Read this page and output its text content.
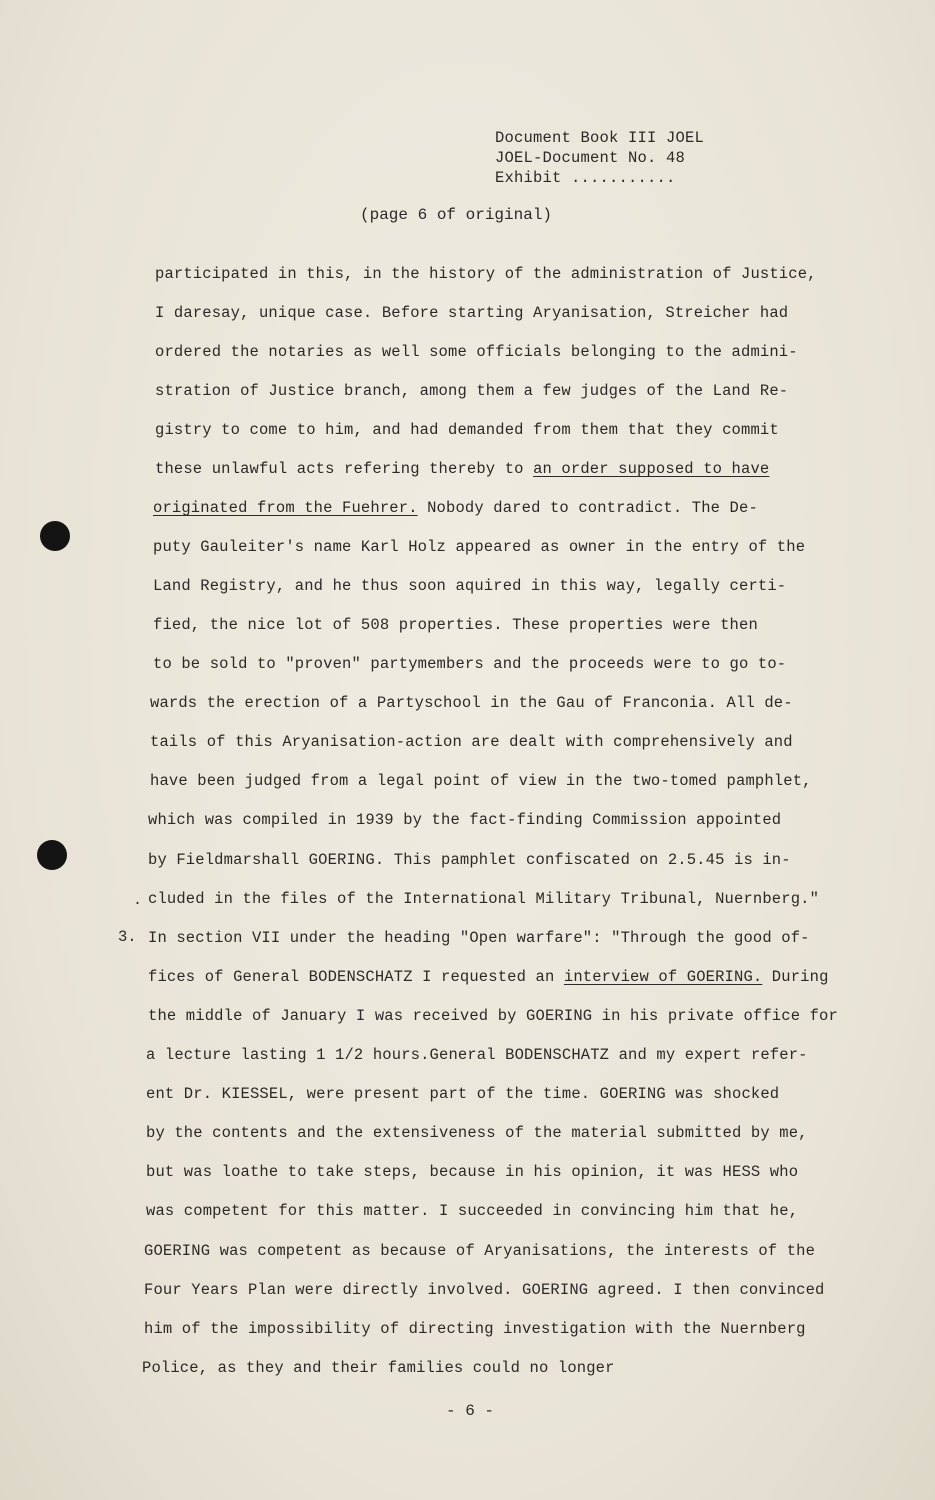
Document Book III JOEL
JOEL-Document No. 48
Exhibit ...........
(page 6 of original)
3.
.
participated in this, in the history of the administration of Justice,
I daresay, unique case. Before starting Aryanisation, Streicher had
ordered the notaries as well some officials belonging to the admini-
stration of Justice branch, among them a few judges of the Land Re-
gistry to come to him, and had demanded from them that they commit
these unlawful acts refering thereby to an order supposed to have
originated from the Fuehrer. Nobody dared to contradict. The De-
puty Gauleiter's name Karl Holz appeared as owner in the entry of the
Land Registry, and he thus soon aquired in this way, legally certi-
fied, the nice lot of 508 properties. These properties were then
to be sold to "proven" partymembers and the proceeds were to go to-
wards the erection of a Partyschool in the Gau of Franconia. All de-
tails of this Aryanisation-action are dealt with comprehensively and
have been judged from a legal point of view in the two-tomed pamphlet,
which was compiled in 1939 by the fact-finding Commission appointed
by Fieldmarshall GOERING. This pamphlet confiscated on 2.5.45 is in-
cluded in the files of the International Military Tribunal, Nuernberg."
In section VII under the heading "Open warfare": "Through the good of-
fices of General BODENSCHATZ I requested an interview of GOERING. During
the middle of January I was received by GOERING in his private office for
a lecture lasting 1 1/2 hours.General BODENSCHATZ and my expert refer-
ent Dr. KIESSEL, were present part of the time. GOERING was shocked
by the contents and the extensiveness of the material submitted by me,
but was loathe to take steps, because in his opinion, it was HESS who
was competent for this matter. I succeeded in convincing him that he,
GOERING was competent as because of Aryanisations, the interests of the
Four Years Plan were directly involved. GOERING agreed. I then convinced
him of the impossibility of directing investigation with the Nuernberg
Police, as they and their families could no longer
- 6 -
